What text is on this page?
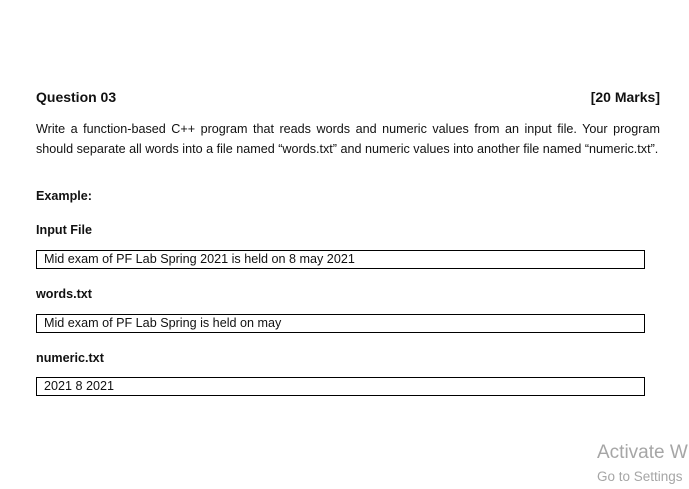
Question 03	[20 Marks]

Write a function-based C++ program that reads words and numeric values from an input file. Your program should separate all words into a file named “words.txt” and numeric values into another file named “numeric.txt”.

Example:
Input File
Mid exam of PF Lab Spring 2021 is held on 8 may 2021
words.txt
Mid exam of PF Lab Spring is held on may
numeric.txt
2021 8 2021
Activate W
Go to Settings
